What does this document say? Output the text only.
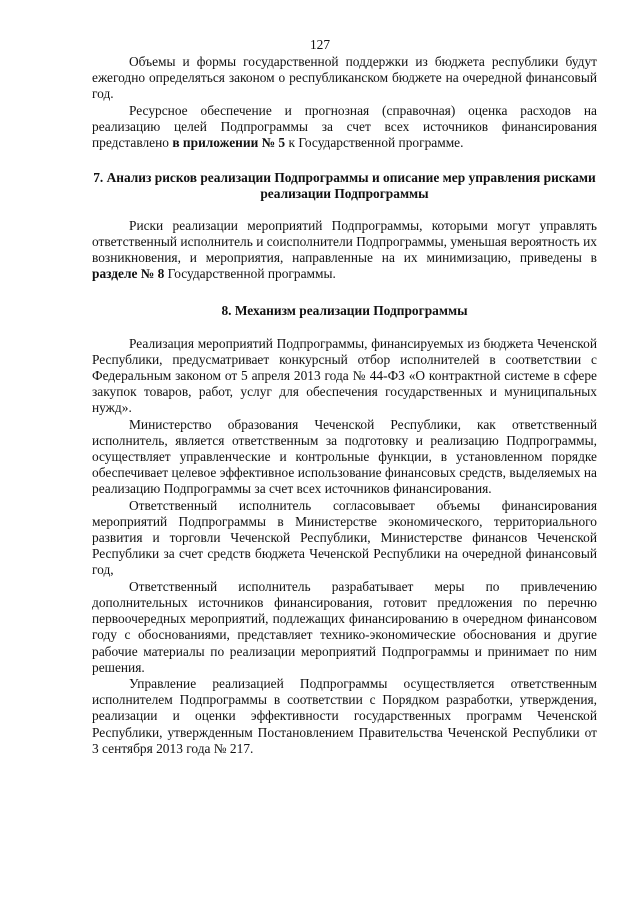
127

Объемы и формы государственной поддержки из бюджета республики будут ежегодно определяться законом о республиканском бюджете на очередной финансовый год.

Ресурсное обеспечение и прогнозная (справочная) оценка расходов на реализацию целей Подпрограммы за счет всех источников финансирования представлено в приложении № 5 к Государственной программе.

7. Анализ рисков реализации Подпрограммы и описание мер управления рисками реализации Подпрограммы

Риски реализации мероприятий Подпрограммы, которыми могут управлять ответственный исполнитель и соисполнители Подпрограммы, уменьшая вероятность их возникновения, и мероприятия, направленные на их минимизацию, приведены в разделе № 8 Государственной программы.

8. Механизм реализации Подпрограммы

Реализация мероприятий Подпрограммы, финансируемых из бюджета Чеченской Республики, предусматривает конкурсный отбор исполнителей в соответствии с Федеральным законом от 5 апреля 2013 года № 44-ФЗ «О контрактной системе в сфере закупок товаров, работ, услуг для обеспечения государственных и муниципальных нужд».

Министерство образования Чеченской Республики, как ответственный исполнитель, является ответственным за подготовку и реализацию Подпрограммы, осуществляет управленческие и контрольные функции, в установленном порядке обеспечивает целевое эффективное использование финансовых средств, выделяемых на реализацию Подпрограммы за счет всех источников финансирования.

Ответственный исполнитель согласовывает объемы финансирования мероприятий Подпрограммы в Министерстве экономического, территориального развития и торговли Чеченской Республики, Министерстве финансов Чеченской Республики за счет средств бюджета Чеченской Республики на очередной финансовый год,

Ответственный исполнитель разрабатывает меры по привлечению дополнительных источников финансирования, готовит предложения по перечню первоочередных мероприятий, подлежащих финансированию в очередном финансовом году с обоснованиями, представляет технико-экономические обоснования и другие рабочие материалы по реализации мероприятий Подпрограммы и принимает по ним решения.

Управление реализацией Подпрограммы осуществляется ответственным исполнителем Подпрограммы в соответствии с Порядком разработки, утверждения, реализации и оценки эффективности государственных программ Чеченской Республики, утвержденным Постановлением Правительства Чеченской Республики от 3 сентября 2013 года № 217.
